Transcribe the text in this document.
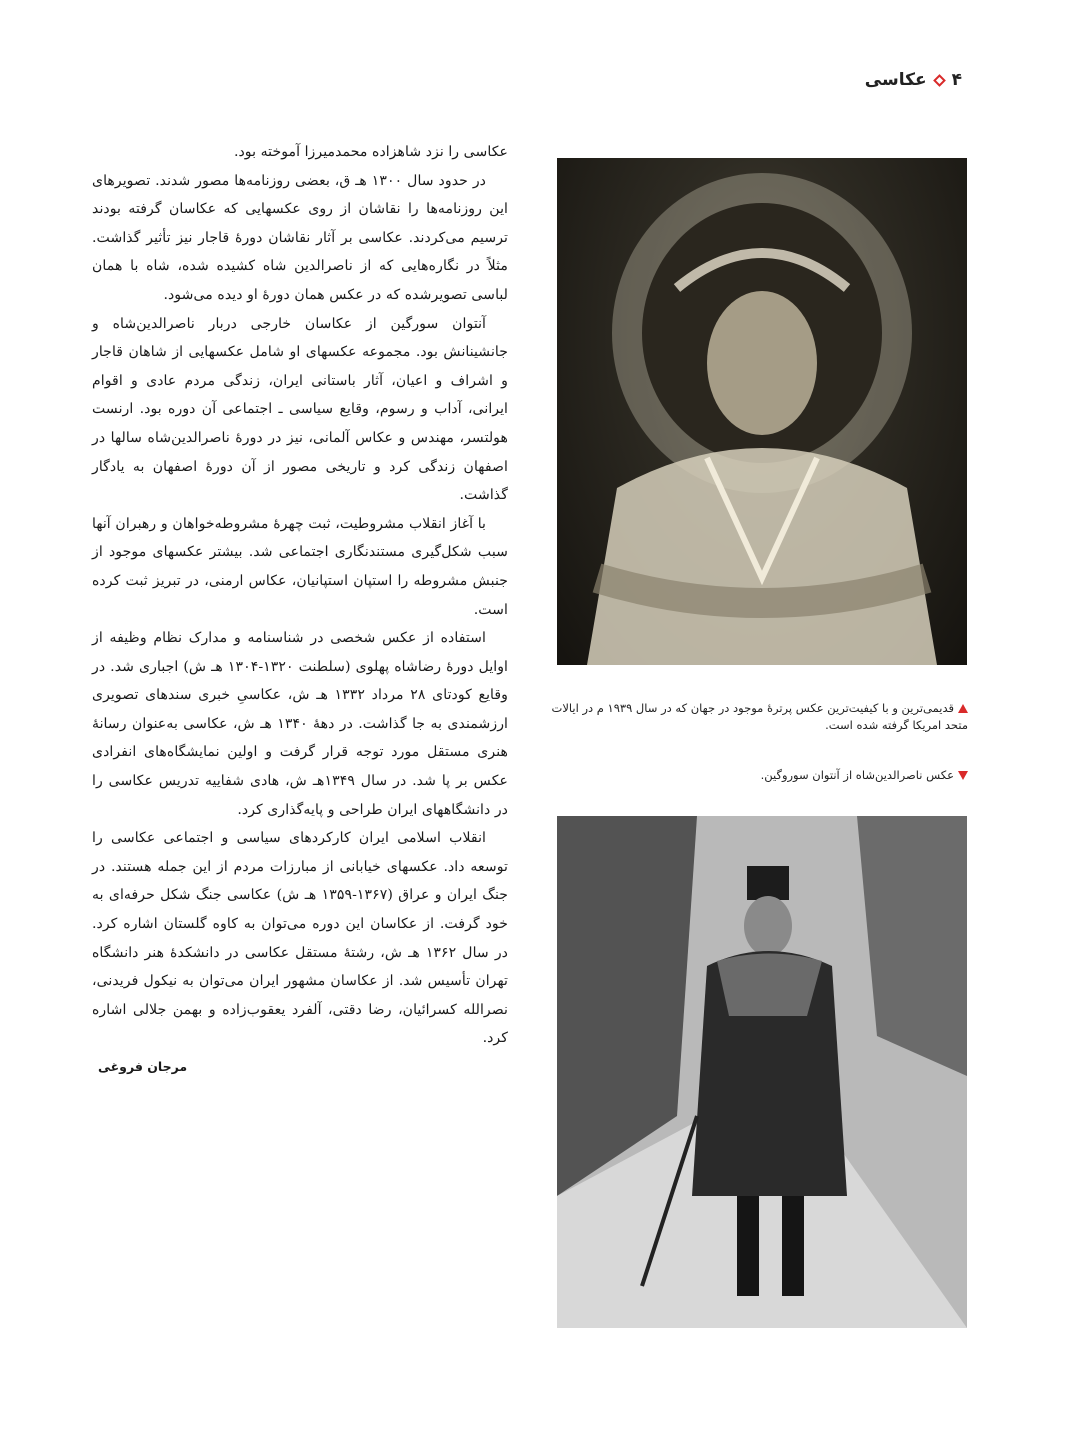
۴
عکاسی

عکاسی را نزد شاهزاده محمدمیرزا آموخته بود.

در حدود سال ۱۳۰۰ هـ ق، بعضی روزنامه‌ها مصور شدند. تصویرهای این روزنامه‌ها را نقاشان از روی عکسهایی که عکاسان گرفته بودند ترسیم می‌کردند. عکاسی بر آثار نقاشان دورهٔ قاجار نیز تأثیر گذاشت. مثلاً در نگاره‌هایی که از ناصرالدین شاه کشیده شده، شاه با همان لباسی تصویرشده که در عکس همان دورهٔ او دیده می‌شود.

آنتوان سورگین از عکاسان خارجی دربار ناصرالدین‌شاه و جانشینانش بود. مجموعه عکسهای او شامل عکسهایی از شاهان قاجار و اشراف و اعیان، آثار باستانی ایران، زندگی مردم عادی و اقوام ایرانی، آداب و رسوم، وقایع سیاسی ـ اجتماعی آن دوره بود. ارنست هولتسر، مهندس و عکاس آلمانی، نیز در دورهٔ ناصرالدین‌شاه سالها در اصفهان زندگی کرد و تاریخی مصور از آن دورهٔ اصفهان به یادگار گذاشت.

با آغاز انقلاب مشروطیت، ثبت چهرهٔ مشروطه‌خواهان و رهبران آنها سبب شکل‌گیری مستندنگاری اجتماعی شد. بیشتر عکسهای موجود از جنبش مشروطه را استپان استپانیان، عکاس ارمنی، در تبریز ثبت کرده است.

استفاده از عکس شخصی در شناسنامه و مدارک نظام وظیفه از اوایل دورهٔ رضاشاه پهلوی (سلطنت ۱۳۲۰-۱۳۰۴ هـ ش) اجباری شد. در وقایع کودتای ۲۸ مرداد ۱۳۳۲ هـ ش، عکاسیِ خبری سندهای تصویری ارزشمندی به جا گذاشت. در دههٔ ۱۳۴۰ هـ ش، عکاسی به‌عنوان رسانهٔ هنری مستقل مورد توجه قرار گرفت و اولین نمایشگاه‌های انفرادی عکس بر پا شد. در سال ۱۳۴۹هـ ش، هادی شفاییه تدریس عکاسی را در دانشگاههای ایران طراحی و پایه‌گذاری کرد.

انقلاب اسلامی ایران کارکردهای سیاسی و اجتماعی عکاسی را توسعه داد. عکسهای خیابانی از مبارزات مردم از این جمله هستند. در جنگ ایران و عراق (۱۳۶۷-۱۳۵۹ هـ ش) عکاسی جنگ شکل حرفه‌ای به خود گرفت. از عکاسان این دوره می‌توان به کاوه گلستان اشاره کرد. در سال ۱۳۶۲ هـ ش، رشتهٔ مستقل عکاسی در دانشکدهٔ هنر دانشگاه تهران تأسیس شد. از عکاسان مشهور ایران می‌توان به نیکول فریدنی، نصرالله کسرائیان، رضا دقتی، آلفرد یعقوب‌زاده و بهمن جلالی اشاره کرد.

مرجان فروغی
قدیمی‌ترین و با کیفیت‌ترین عکس پرترهٔ موجود در جهان که در سال ۱۹۳۹ م در ایالات متحد امریکا گرفته شده است.
عکس ناصرالدین‌شاه از آنتوان سوروگین.
